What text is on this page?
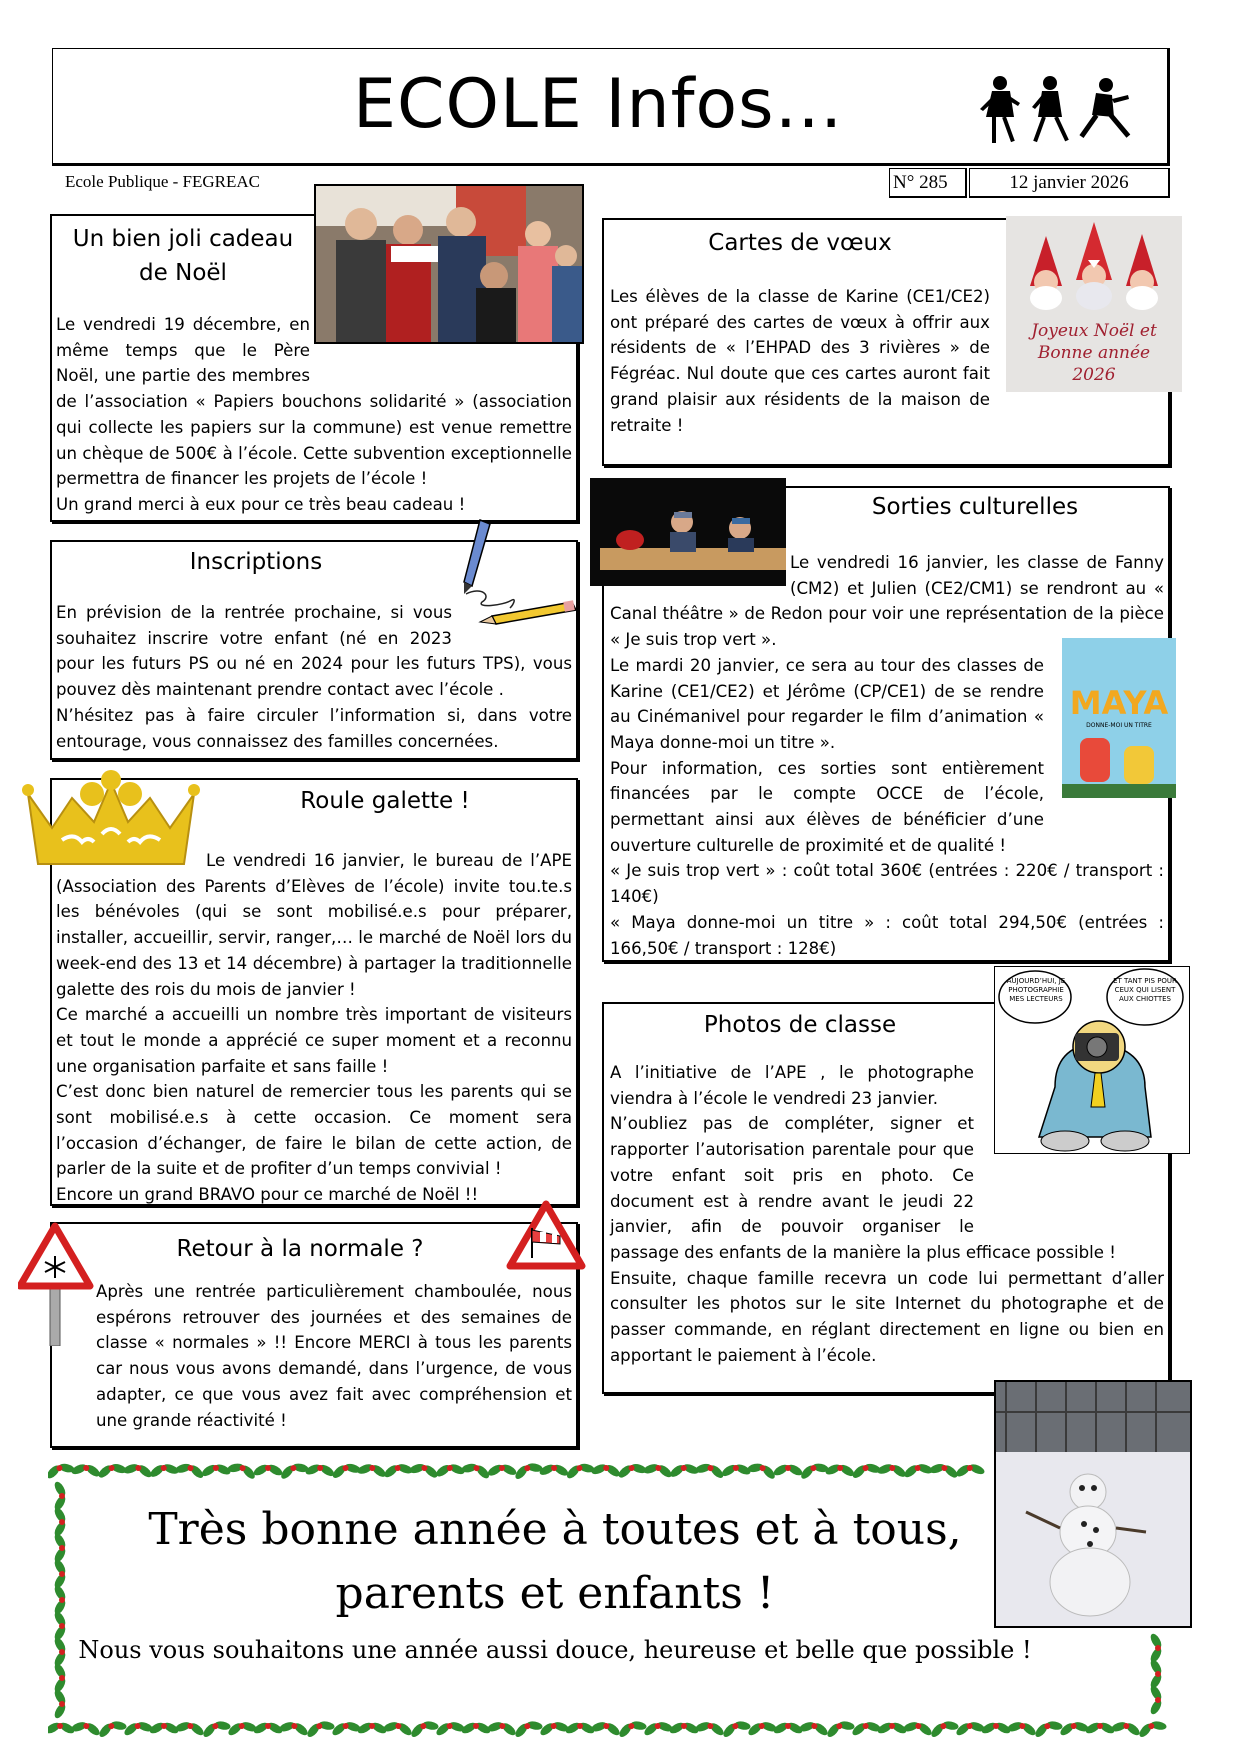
ECOLE Infos…
Ecole Publique - FEGREAC	N° 285	12 janvier 2026
Un bien joli cadeau de Noël

Le vendredi 19 décembre, en même temps que le Père Noël, une partie des membres de l’association « Papiers bouchons solidarité » (association qui collecte les papiers sur la commune) est venue remettre un chèque de 500€ à l’école. Cette subvention exceptionnelle permettra de financer les projets de l’école !

Un grand merci à eux pour ce très beau cadeau !

Cartes de vœux

Les élèves de la classe de Karine (CE1/CE2) ont préparé des cartes de vœux à offrir aux résidents de « l’EHPAD des 3 rivières » de Fégréac. Nul doute que ces cartes auront fait grand plaisir aux résidents de la maison de retraite !

Joyeux Noël et Bonne année 2026
Inscriptions

En prévision de la rentrée prochaine, si vous souhaitez inscrire votre enfant (né en 2023 pour les futurs PS ou né en 2024 pour les futurs TPS), vous pouvez dès maintenant prendre contact avec l’école .

N’hésitez pas à faire circuler l’information si, dans votre entourage, vous connaissez des familles concernées.

Sorties culturelles

Le vendredi 16 janvier, les classe de Fanny (CM2) et Julien (CE2/CM1) se rendront au « Canal théâtre » de Redon pour voir une représentation de la pièce « Je suis trop vert ».

Le mardi 20 janvier, ce sera au tour des classes de Karine (CE1/CE2) et Jérôme (CP/CE1) de se rendre au Cinémanivel pour regarder le film d’animation « Maya donne-moi un titre ».

Pour information, ces sorties sont entièrement financées par le compte OCCE de l’école, permettant ainsi aux élèves de bénéficier d’une ouverture culturelle de proximité et de qualité !

« Je suis trop vert » : coût total 360€ (entrées : 220€ / transport : 140€)

« Maya donne-moi un titre » : coût total 294,50€ (entrées : 166,50€ / transport : 128€)

MAYA
DONNE-MOI UN TITRE
Roule galette !

Le vendredi 16 janvier, le bureau de l’APE (Association des Parents d’Elèves de l’école) invite tou.te.s les bénévoles (qui se sont mobilisé.e.s pour préparer, installer, accueillir, servir, ranger,… le marché de Noël lors du week-end des 13 et 14 décembre) à partager la traditionnelle galette des rois du mois de janvier !

Ce marché a accueilli un nombre très important de visiteurs et tout le monde a apprécié ce super moment et a reconnu une organisation parfaite et sans faille !

C’est donc bien naturel de remercier tous les parents qui se sont mobilisé.e.s à cette occasion. Ce moment sera l’occasion d’échanger, de faire le bilan de cette action, de parler de la suite et de profiter d’un temps convivial !

Encore un grand BRAVO pour ce marché de Noël !!

Photos de classe
AUJOURD’HUI, JE PHOTOGRAPHIE MES LECTEURS
ET TANT PIS POUR CEUX QUI LISENT AUX CHIOTTES

A l’initiative de l’APE , le photographe viendra à l’école le vendredi 23 janvier.

N’oubliez pas de compléter, signer et rapporter l’autorisation parentale pour que votre enfant soit pris en photo. Ce document est à rendre avant le jeudi 22 janvier, afin de pouvoir organiser le passage des enfants de la manière la plus efficace possible !

Ensuite, chaque famille recevra un code lui permettant d’aller consulter les photos sur le site Internet du photographe et de passer commande, en réglant directement en ligne ou bien en apportant le paiement à l’école.

Retour à la normale ?

Après une rentrée particulièrement chamboulée, nous espérons retrouver des journées et des semaines de classe « normales » !! Encore MERCI à tous les parents car nous vous avons demandé, dans l’urgence, de vous adapter, ce que vous avez fait avec compréhension et une grande réactivité !

Très bonne année à toutes et à tous,
parents et enfants !
Nous vous souhaitons une année aussi douce, heureuse et belle que possible !
